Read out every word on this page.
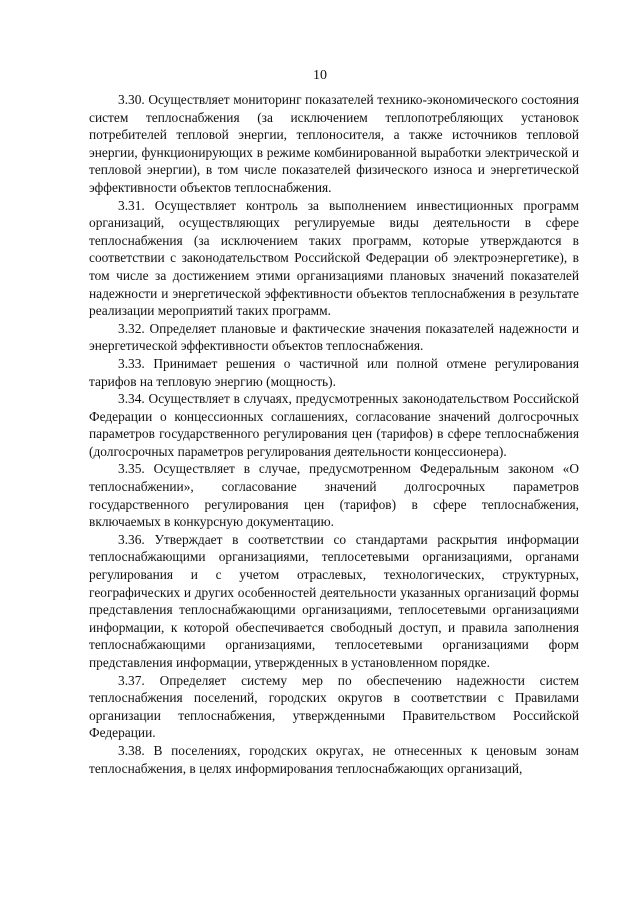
10

3.30. Осуществляет мониторинг показателей технико-экономического состояния систем теплоснабжения (за исключением теплопотребляющих установок потребителей тепловой энергии, теплоносителя, а также источников тепловой энергии, функционирующих в режиме комбинированной выработки электрической и тепловой энергии), в том числе показателей физического износа и энергетической эффективности объектов теплоснабжения.

3.31. Осуществляет контроль за выполнением инвестиционных программ организаций, осуществляющих регулируемые виды деятельности в сфере теплоснабжения (за исключением таких программ, которые утверждаются в соответствии с законодательством Российской Федерации об электроэнергетике), в том числе за достижением этими организациями плановых значений показателей надежности и энергетической эффективности объектов теплоснабжения в результате реализации мероприятий таких программ.

3.32. Определяет плановые и фактические значения показателей надежности и энергетической эффективности объектов теплоснабжения.

3.33. Принимает решения о частичной или полной отмене регулирования тарифов на тепловую энергию (мощность).

3.34. Осуществляет в случаях, предусмотренных законодательством Российской Федерации о концессионных соглашениях, согласование значений долгосрочных параметров государственного регулирования цен (тарифов) в сфере теплоснабжения (долгосрочных параметров регулирования деятельности концессионера).

3.35. Осуществляет в случае, предусмотренном Федеральным законом «О теплоснабжении», согласование значений долгосрочных параметров государственного регулирования цен (тарифов) в сфере теплоснабжения, включаемых в конкурсную документацию.

3.36. Утверждает в соответствии со стандартами раскрытия информации теплоснабжающими организациями, теплосетевыми организациями, органами регулирования и с учетом отраслевых, технологических, структурных, географических и других особенностей деятельности указанных организаций формы представления теплоснабжающими организациями, теплосетевыми организациями информации, к которой обеспечивается свободный доступ, и правила заполнения теплоснабжающими организациями, теплосетевыми организациями форм представления информации, утвержденных в установленном порядке.

3.37. Определяет систему мер по обеспечению надежности систем теплоснабжения поселений, городских округов в соответствии с Правилами организации теплоснабжения, утвержденными Правительством Российской Федерации.

3.38. В поселениях, городских округах, не отнесенных к ценовым зонам теплоснабжения, в целях информирования теплоснабжающих организаций,
